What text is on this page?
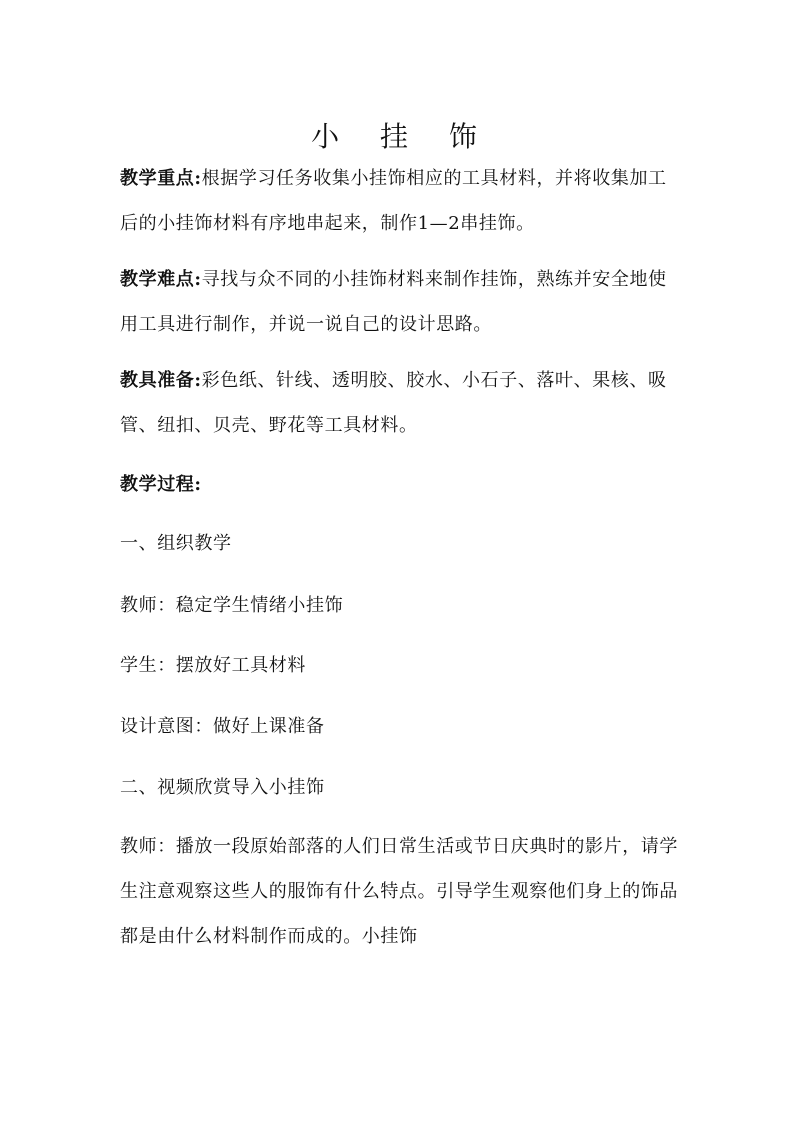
小 挂 饰
教学重点:根据学习任务收集小挂饰相应的工具材料，并将收集加工后的小挂饰材料有序地串起来，制作1—2串挂饰。
教学难点:寻找与众不同的小挂饰材料来制作挂饰，熟练并安全地使用工具进行制作，并说一说自己的设计思路。
教具准备:彩色纸、针线、透明胶、胶水、小石子、落叶、果核、吸管、纽扣、贝壳、野花等工具材料。
教学过程:
一、组织教学
教师：稳定学生情绪小挂饰
学生：摆放好工具材料
设计意图：做好上课准备
二、视频欣赏导入小挂饰
教师：播放一段原始部落的人们日常生活或节日庆典时的影片，请学生注意观察这些人的服饰有什么特点。引导学生观察他们身上的饰品都是由什么材料制作而成的。小挂饰
